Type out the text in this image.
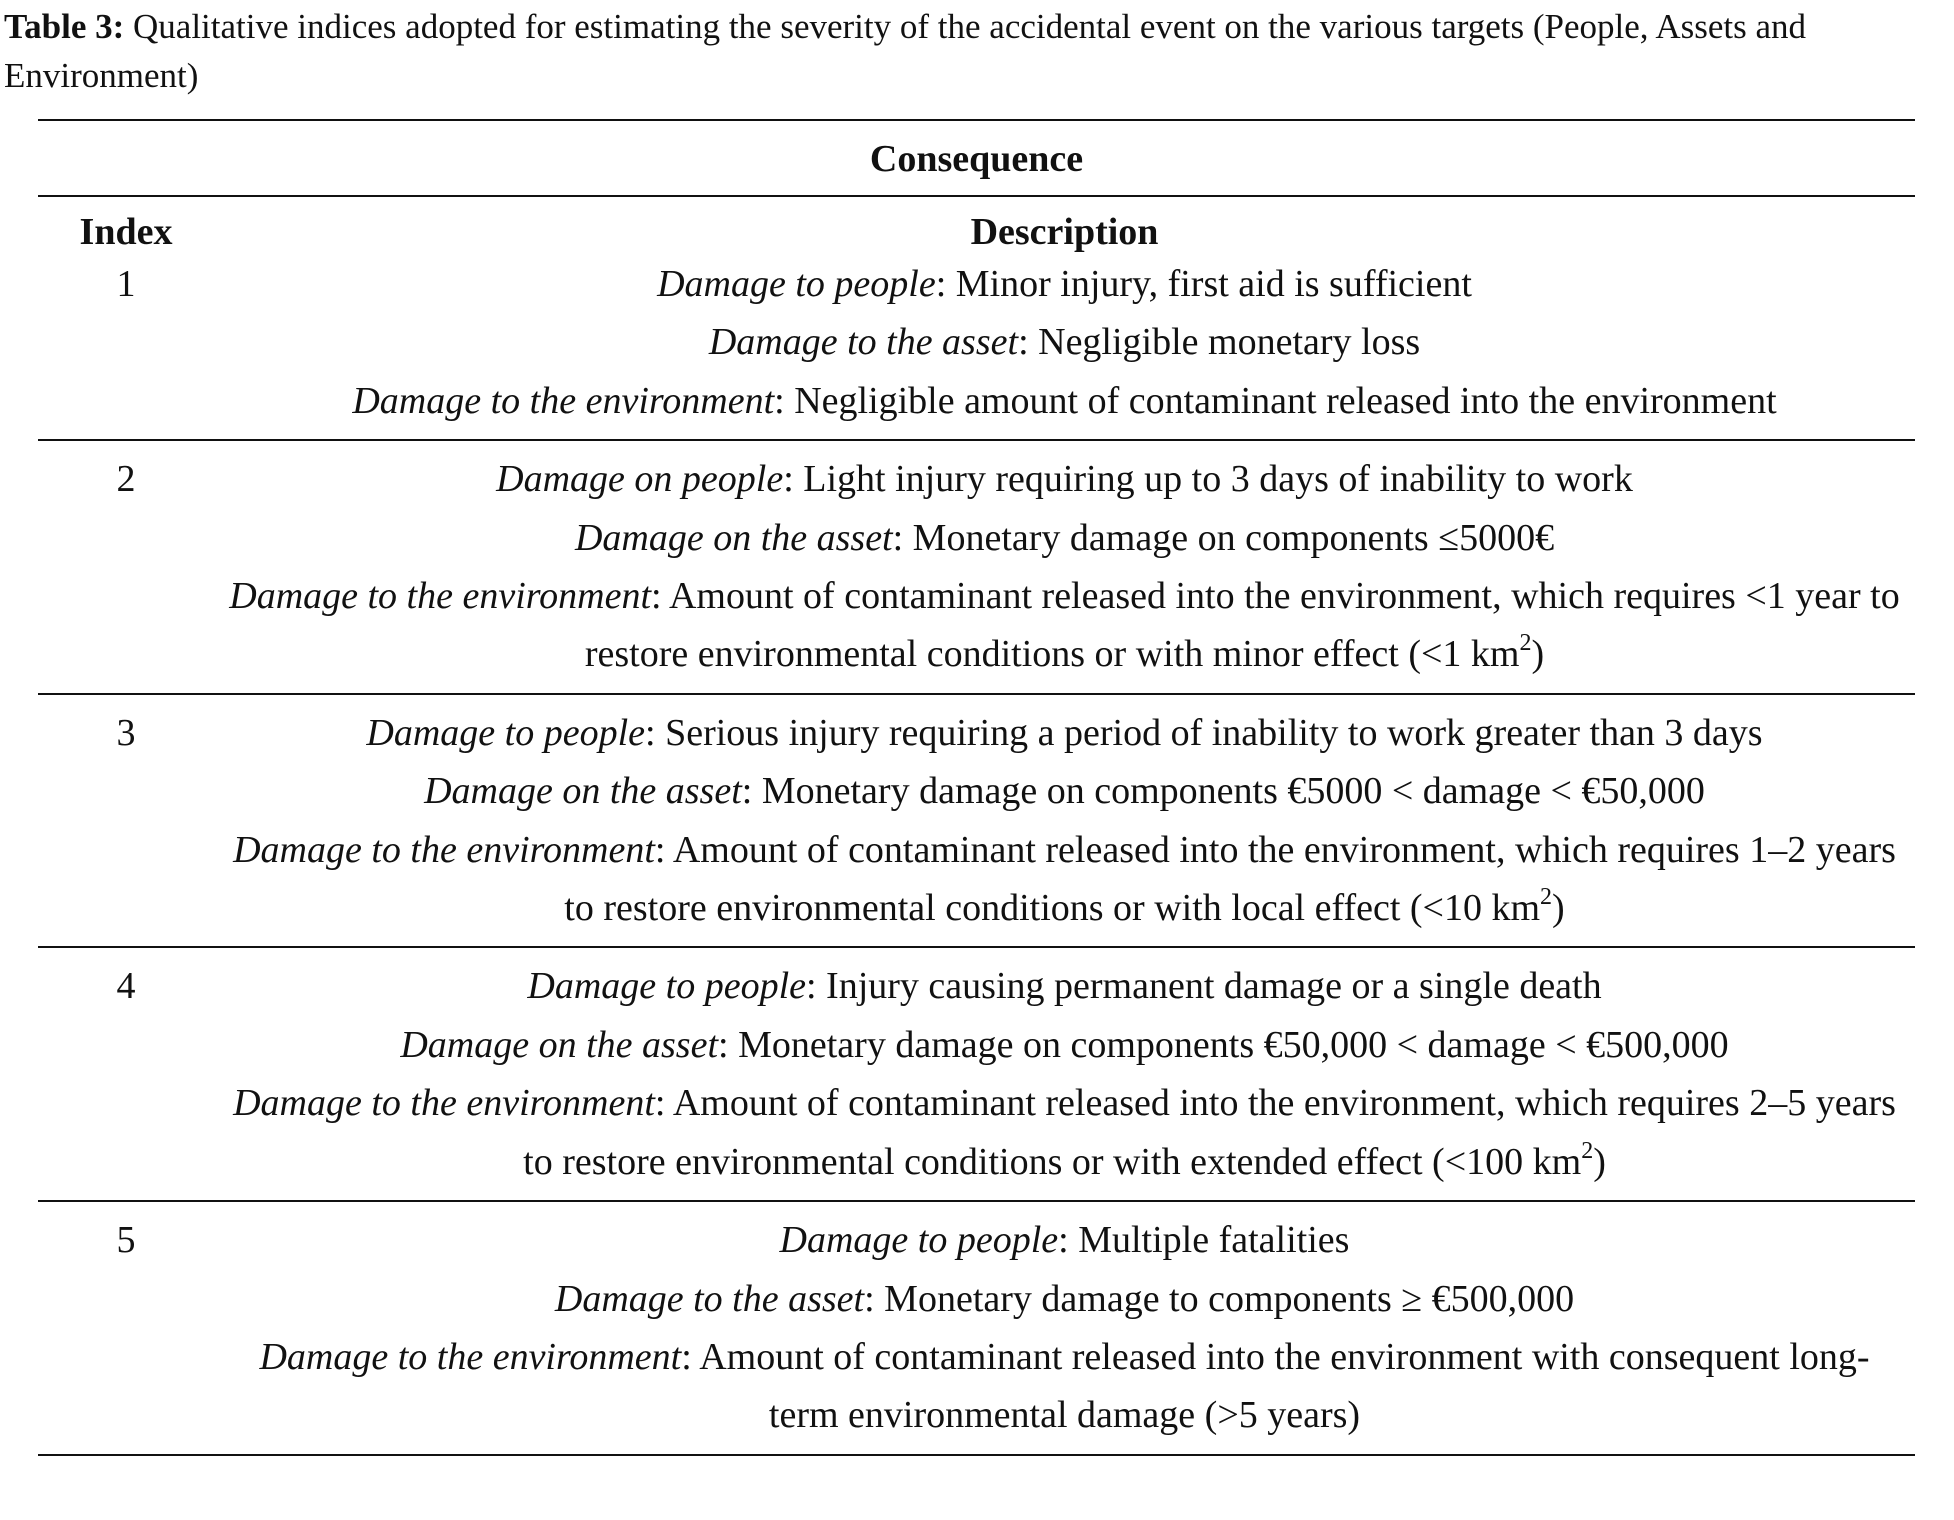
Table 3: Qualitative indices adopted for estimating the severity of the accidental event on the various targets (People, Assets and Environment)
Consequence
Index	Description
1	Damage to people: Minor injury, first aid is sufficient
Damage to the asset: Negligible monetary loss
Damage to the environment: Negligible amount of contaminant released into the environment
2	Damage on people: Light injury requiring up to 3 days of inability to work
Damage on the asset: Monetary damage on components ≤5000€
Damage to the environment: Amount of contaminant released into the environment, which requires <1 year to restore environmental conditions or with minor effect (<1 $km^2$)
3	Damage to people: Serious injury requiring a period of inability to work greater than 3 days
Damage on the asset: Monetary damage on components €5000 < damage < €50,000
Damage to the environment: Amount of contaminant released into the environment, which requires 1–2 years to restore environmental conditions or with local effect (<10 $km^2$)
4	Damage to people: Injury causing permanent damage or a single death
Damage on the asset: Monetary damage on components €50,000 < damage < €500,000
Damage to the environment: Amount of contaminant released into the environment, which requires 2–5 years to restore environmental conditions or with extended effect (<100 $km^2$)
5	Damage to people: Multiple fatalities
Damage to the asset: Monetary damage to components ≥ €500,000
Damage to the environment: Amount of contaminant released into the environment with consequent long-term environmental damage (>5 years)
